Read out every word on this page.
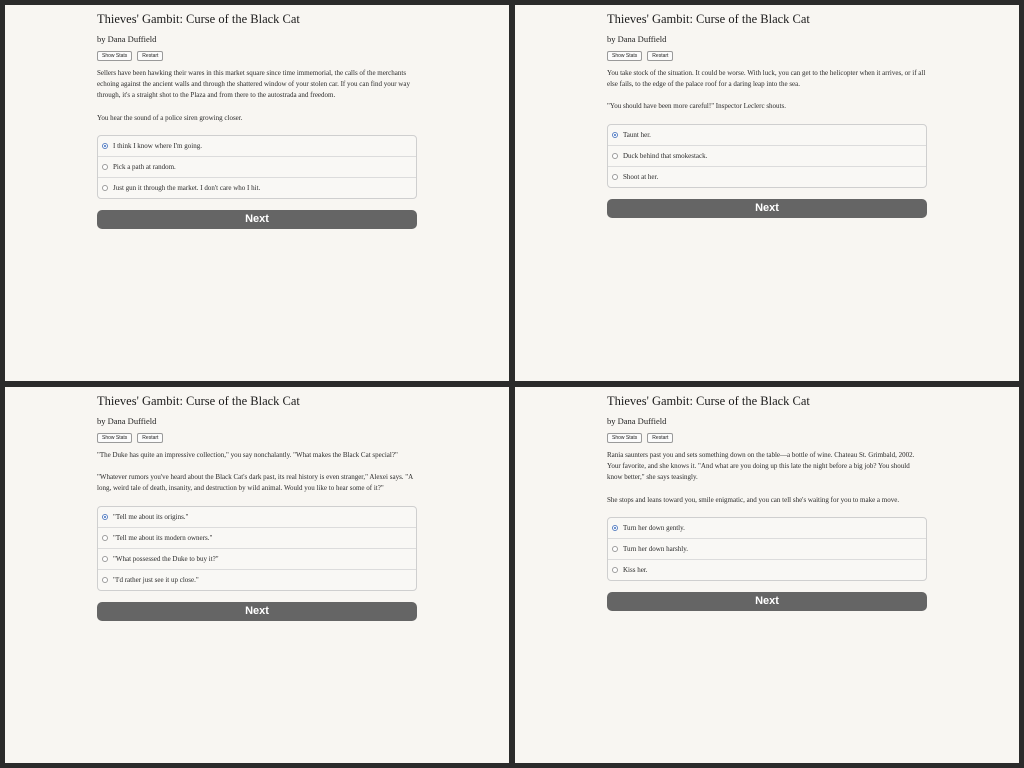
Thieves' Gambit: Curse of the Black Cat
by Dana Duffield
Show Stats	Restart
Sellers have been hawking their wares in this market square since time immemorial, the calls of the merchants echoing against the ancient walls and through the shattered window of your stolen car. If you can find your way through, it's a straight shot to the Plaza and from there to the autostrada and freedom.
You hear the sound of a police siren growing closer.
I think I know where I'm going.
Pick a path at random.
Just gun it through the market. I don't care who I hit.
Next
Thieves' Gambit: Curse of the Black Cat
by Dana Duffield
Show Stats	Restart
You take stock of the situation. It could be worse. With luck, you can get to the helicopter when it arrives, or if all else fails, to the edge of the palace roof for a daring leap into the sea.
"You should have been more careful!" Inspector Leclerc shouts.
Taunt her.
Duck behind that smokestack.
Shoot at her.
Next
Thieves' Gambit: Curse of the Black Cat
by Dana Duffield
Show Stats	Restart
"The Duke has quite an impressive collection," you say nonchalantly. "What makes the Black Cat special?"
"Whatever rumors you've heard about the Black Cat's dark past, its real history is even stranger," Alexei says. "A long, weird tale of death, insanity, and destruction by wild animal. Would you like to hear some of it?"
"Tell me about its origins."
"Tell me about its modern owners."
"What possessed the Duke to buy it?"
"I'd rather just see it up close."
Next
Thieves' Gambit: Curse of the Black Cat
by Dana Duffield
Show Stats	Restart
Rania saunters past you and sets something down on the table—a bottle of wine. Chateau St. Grimbald, 2002. Your favorite, and she knows it. "And what are you doing up this late the night before a big job? You should know better," she says teasingly.
She stops and leans toward you, smile enigmatic, and you can tell she's waiting for you to make a move.
Turn her down gently.
Turn her down harshly.
Kiss her.
Next
